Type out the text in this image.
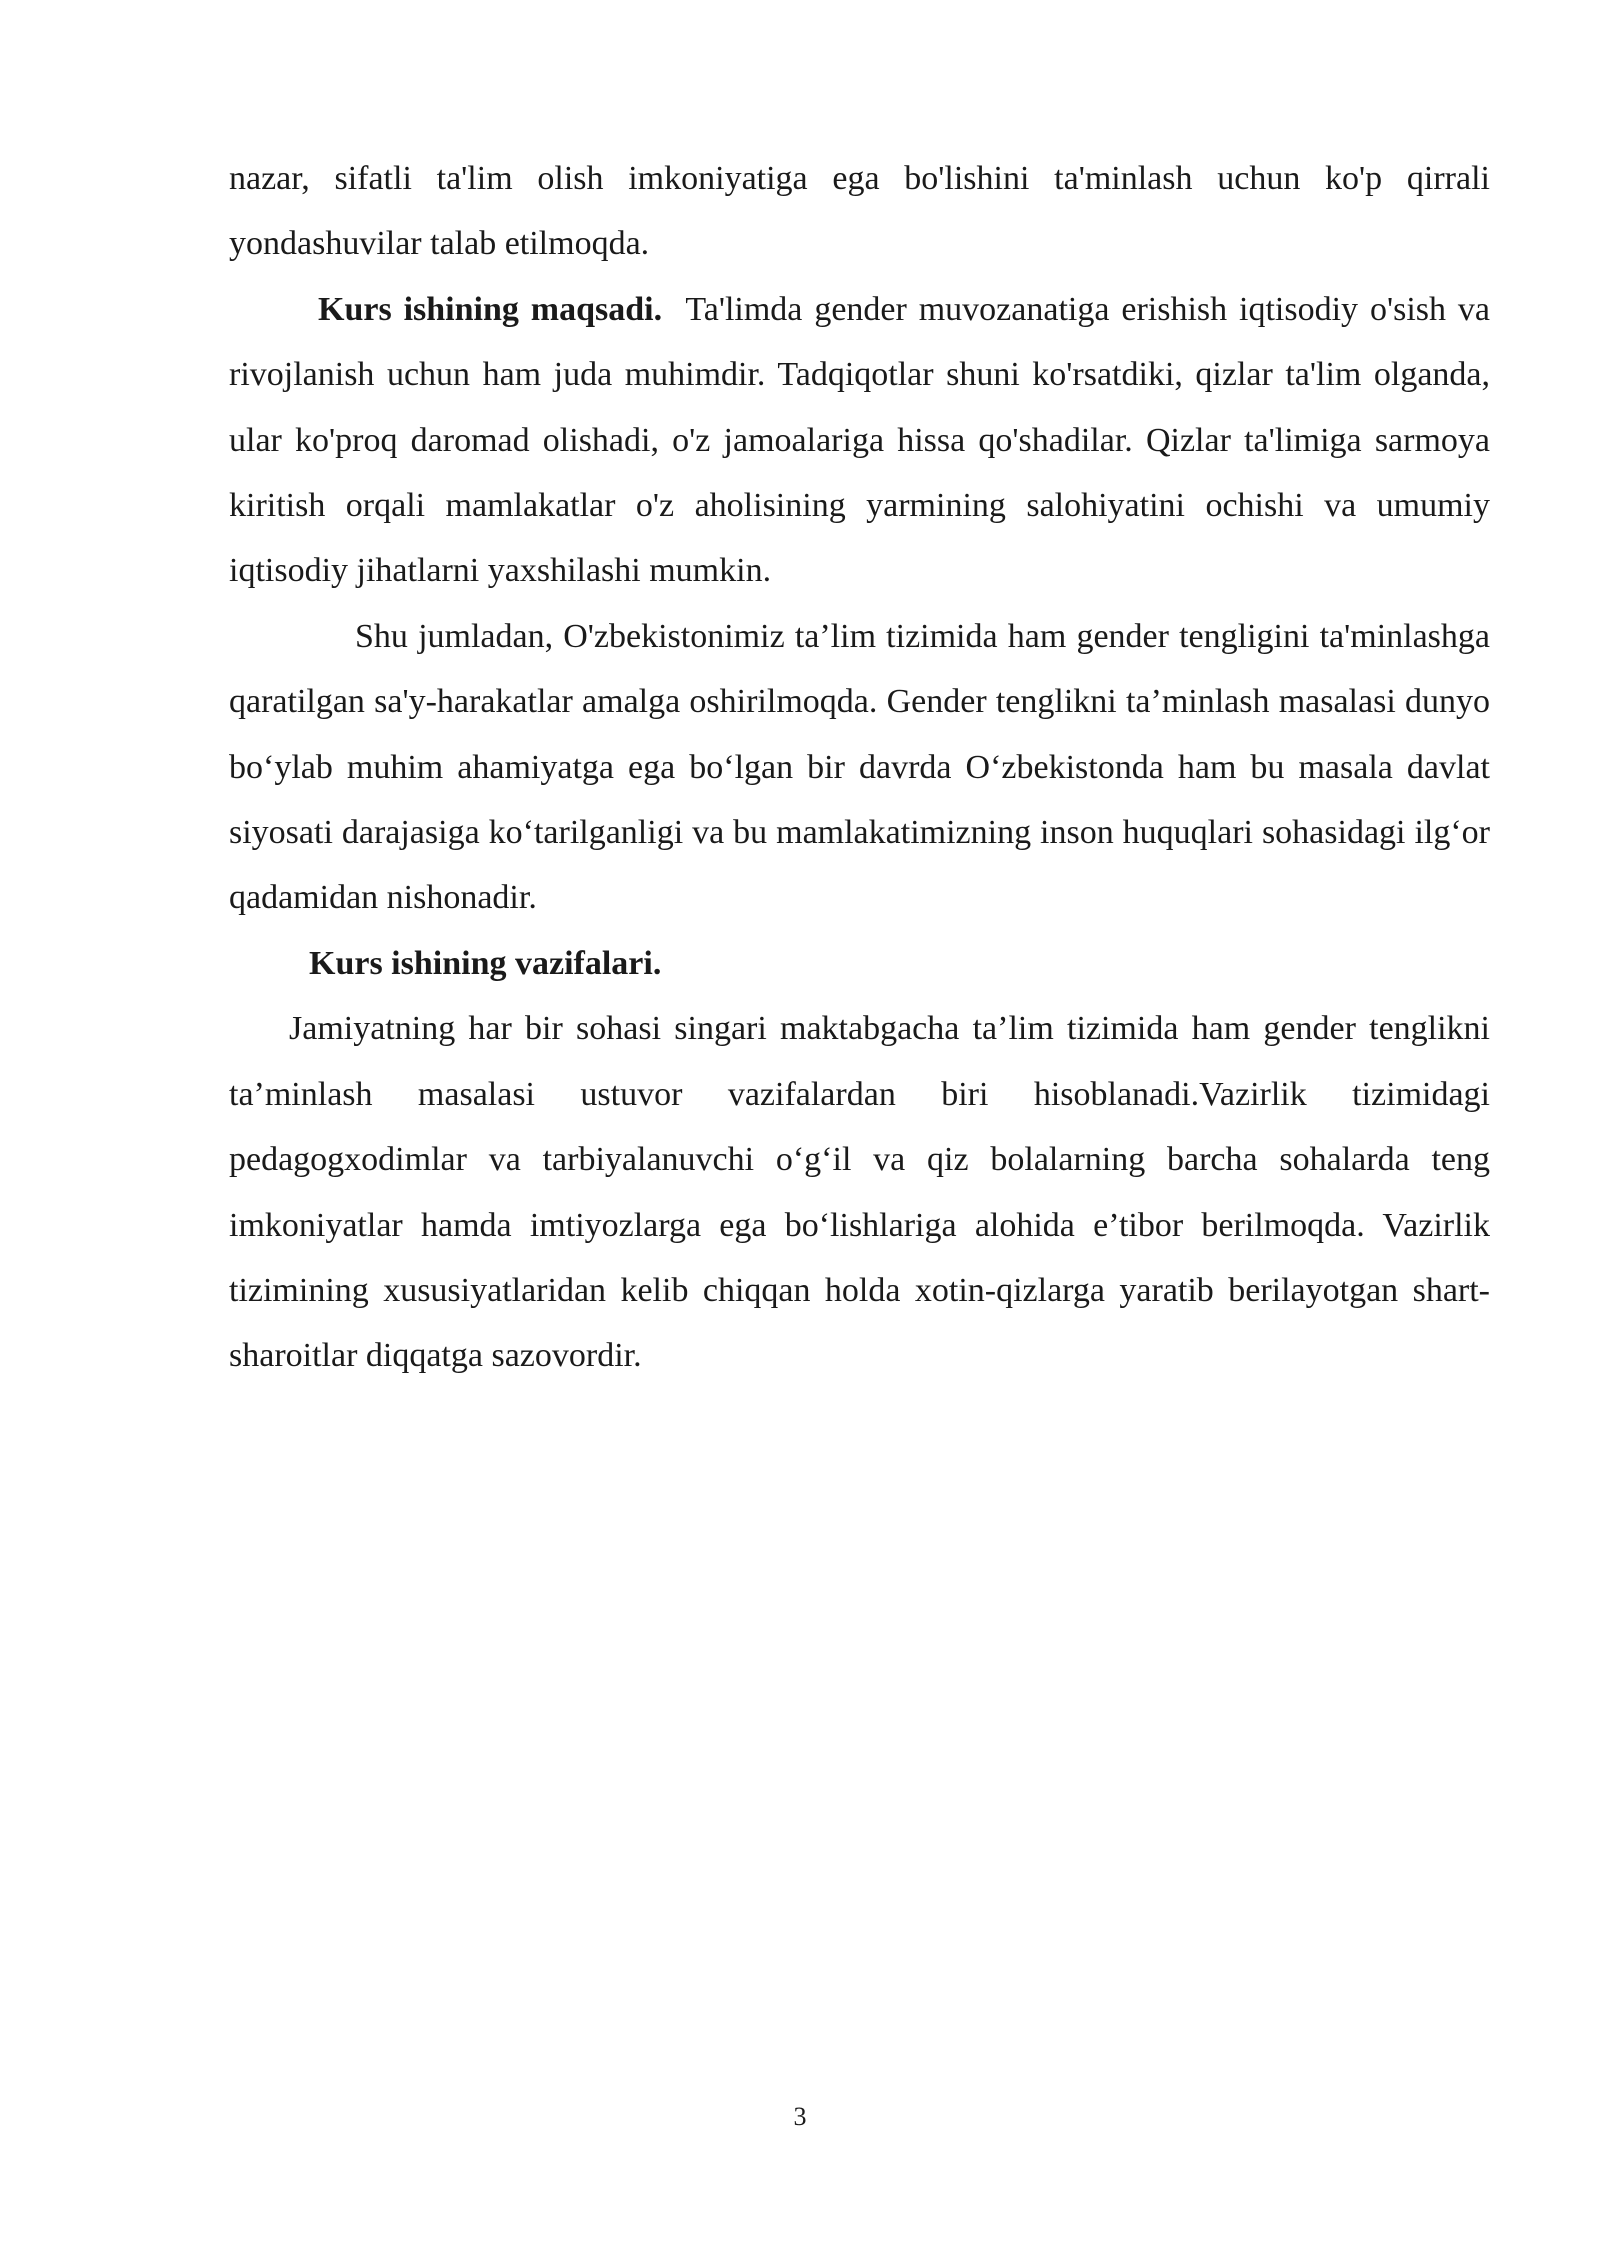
nazar, sifatli ta'lim olish imkoniyatiga ega bo'lishini ta'minlash uchun ko'p qirrali yondashuvilar talab etilmoqda.

Kurs ishining maqsadi.  Ta'limda gender muvozanatiga erishish iqtisodiy o'sish va rivojlanish uchun ham juda muhimdir. Tadqiqotlar shuni ko'rsatdiki, qizlar ta'lim olganda, ular ko'proq daromad olishadi, o'z jamoalariga hissa qo'shadilar. Qizlar ta'limiga sarmoya kiritish orqali mamlakatlar o'z aholisining yarmining salohiyatini ochishi va umumiy iqtisodiy jihatlarni yaxshilashi mumkin.

Shu jumladan, O'zbekistonimiz ta’lim tizimida ham gender tengligini ta'minlashga qaratilgan sa'y-harakatlar amalga oshirilmoqda. Gender tenglikni ta’minlash masalasi dunyo bo‘ylab muhim ahamiyatga ega bo‘lgan bir davrda O‘zbekistonda ham bu masala davlat siyosati darajasiga ko‘tarilganligi va bu mamlakatimizning inson huquqlari sohasidagi ilg‘or qadamidan nishonadir.

Kurs ishining vazifalari.

Jamiyatning har bir sohasi singari maktabgacha ta’lim tizimida ham gender tenglikni ta’minlash masalasi ustuvor vazifalardan biri hisoblanadi.Vazirlik tizimidagi pedagogxodimlar va tarbiyalanuvchi o‘g‘il va qiz bolalarning barcha sohalarda teng imkoniyatlar hamda imtiyozlarga ega bo‘lishlariga alohida e’tibor berilmoqda. Vazirlik tizimining xususiyatlaridan kelib chiqqan holda xotin-qizlarga yaratib berilayotgan shart-sharoitlar diqqatga sazovordir.

3
